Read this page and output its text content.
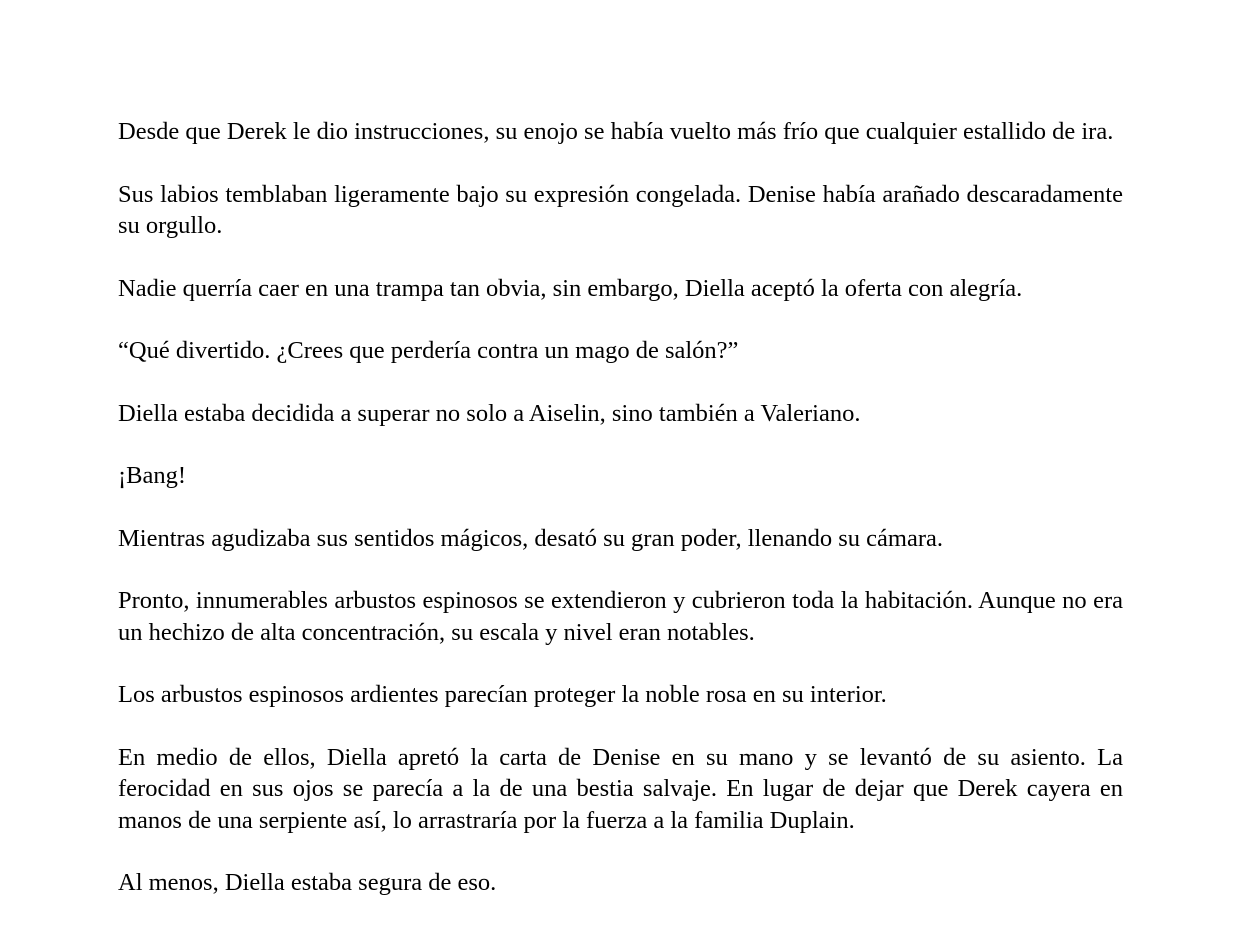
Desde que Derek le dio instrucciones, su enojo se había vuelto más frío que cualquier estallido de ira.

Sus labios temblaban ligeramente bajo su expresión congelada. Denise había arañado descaradamente su orgullo.

Nadie querría caer en una trampa tan obvia, sin embargo, Diella aceptó la oferta con alegría.

“Qué divertido. ¿Crees que perdería contra un mago de salón?”

Diella estaba decidida a superar no solo a Aiselin, sino también a Valeriano.

¡Bang!

Mientras agudizaba sus sentidos mágicos, desató su gran poder, llenando su cámara.

Pronto, innumerables arbustos espinosos se extendieron y cubrieron toda la habitación. Aunque no era un hechizo de alta concentración, su escala y nivel eran notables.

Los arbustos espinosos ardientes parecían proteger la noble rosa en su interior.

En medio de ellos, Diella apretó la carta de Denise en su mano y se levantó de su asiento. La ferocidad en sus ojos se parecía a la de una bestia salvaje. En lugar de dejar que Derek cayera en manos de una serpiente así, lo arrastraría por la fuerza a la familia Duplain.

Al menos, Diella estaba segura de eso.
